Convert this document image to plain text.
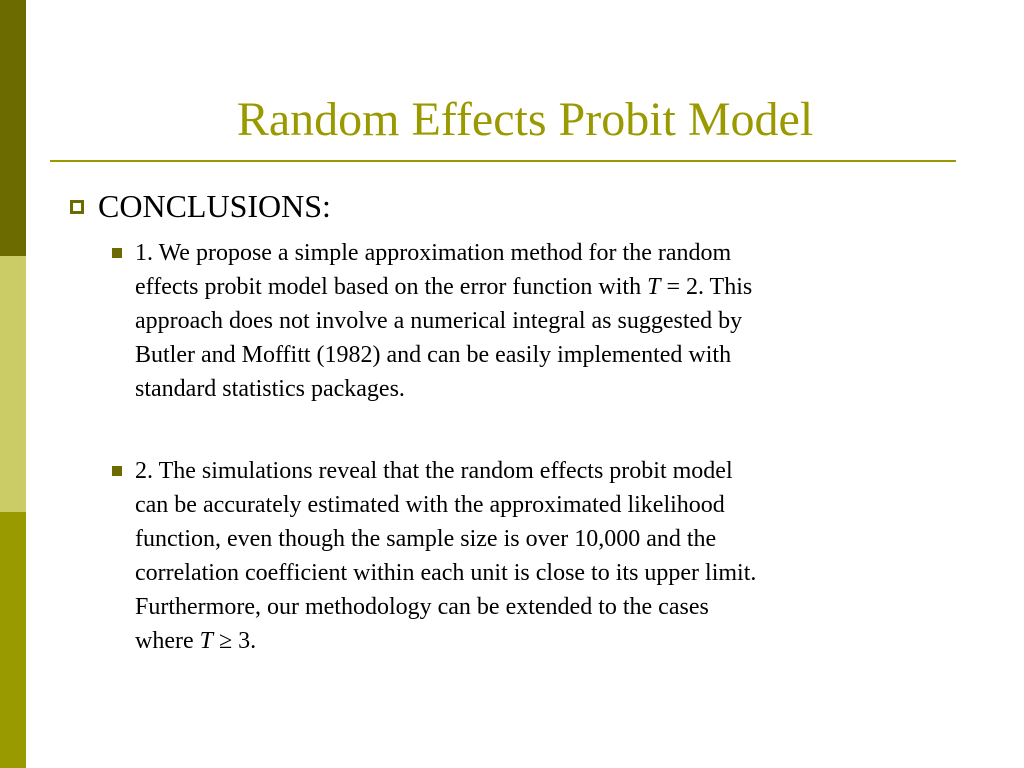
Random Effects Probit Model
CONCLUSIONS:
1. We propose a simple approximation method for the random
effects probit model based on the error function with T = 2. This
approach does not involve a numerical integral as suggested by
Butler and Moffitt (1982) and can be easily implemented with
standard statistics packages.
2. The simulations reveal that the random effects probit model
can be accurately estimated with the approximated likelihood
function, even though the sample size is over 10,000 and the
correlation coefficient within each unit is close to its upper limit.
Furthermore, our methodology can be extended to the cases
where T ≥ 3.
